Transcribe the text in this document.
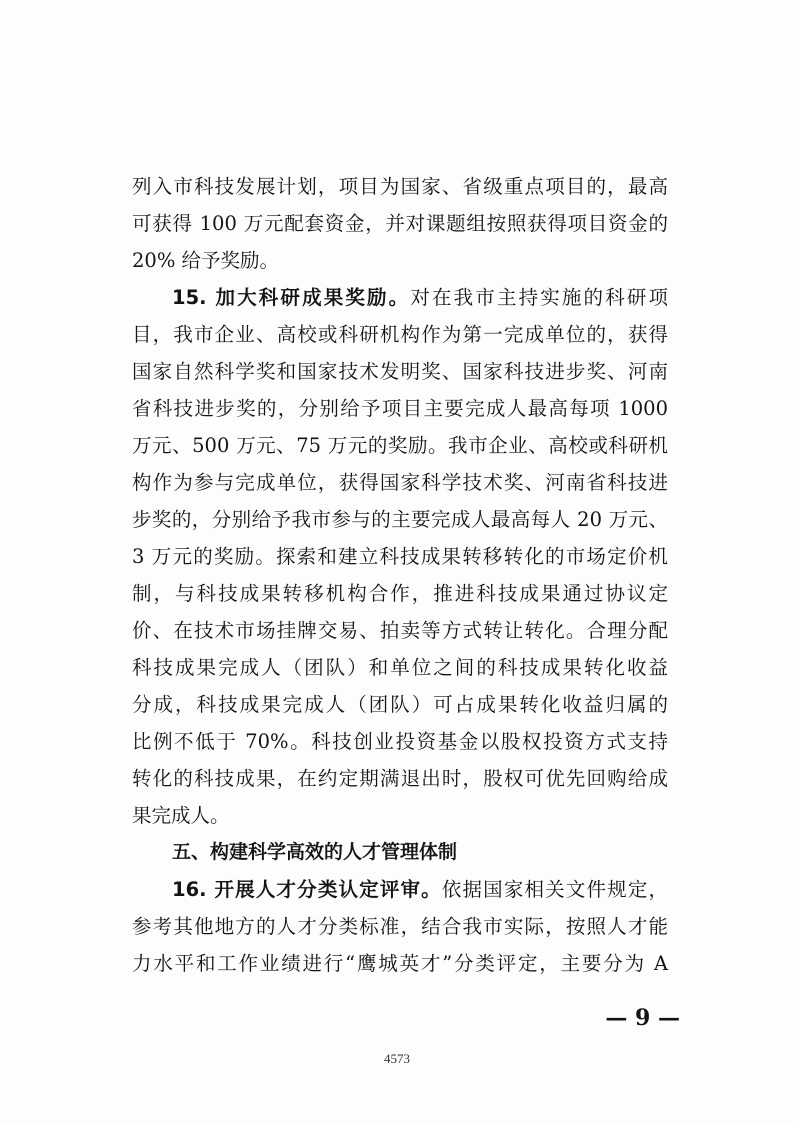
列入市科技发展计划，项目为国家、省级重点项目的，最高
可获得 100 万元配套资金，并对课题组按照获得项目资金的
20% 给予奖励。
15. 加大科研成果奖励。对在我市主持实施的科研项
目，我市企业、高校或科研机构作为第一完成单位的，获得
国家自然科学奖和国家技术发明奖、国家科技进步奖、河南
省科技进步奖的，分别给予项目主要完成人最高每项 1000
万元、500 万元、75 万元的奖励。我市企业、高校或科研机
构作为参与完成单位，获得国家科学技术奖、河南省科技进
步奖的，分别给予我市参与的主要完成人最高每人 20 万元、
3 万元的奖励。探索和建立科技成果转移转化的市场定价机
制，与科技成果转移机构合作，推进科技成果通过协议定
价、在技术市场挂牌交易、拍卖等方式转让转化。合理分配
科技成果完成人（团队）和单位之间的科技成果转化收益
分成，科技成果完成人（团队）可占成果转化收益归属的
比例不低于 70%。科技创业投资基金以股权投资方式支持
转化的科技成果，在约定期满退出时，股权可优先回购给成
果完成人。
五、构建科学高效的人才管理体制
16. 开展人才分类认定评审。依据国家相关文件规定，
参考其他地方的人才分类标准，结合我市实际，按照人才能
力水平和工作业绩进行“鹰城英才”分类评定，主要分为 A
— 9 —
4573
